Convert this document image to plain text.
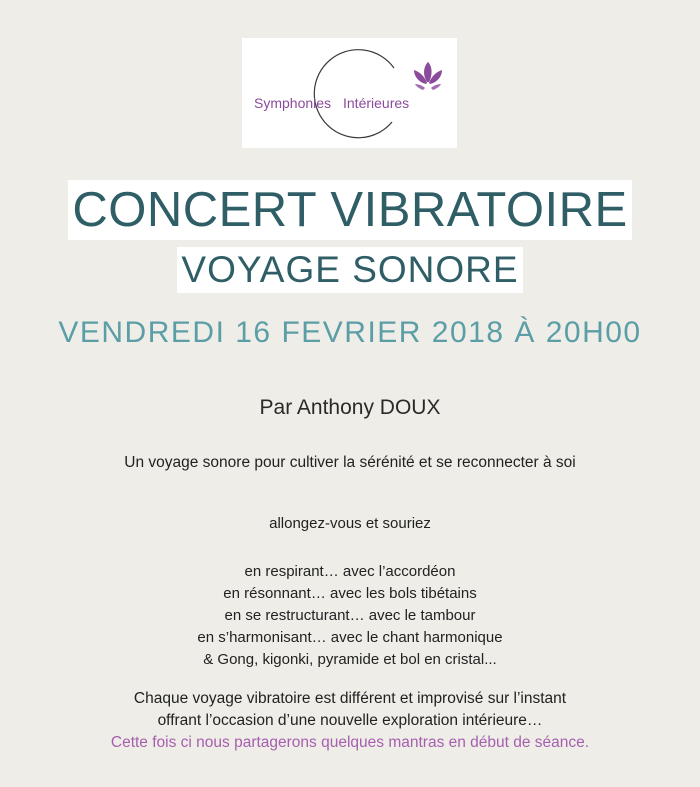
Symphonies Intérieures
CONCERT VIBRATOIRE
VOYAGE SONORE
VENDREDI 16 FEVRIER 2018 À 20H00
Par Anthony DOUX
Un voyage sonore pour cultiver la sérénité et se reconnecter à soi
allongez-vous et souriez
en respirant… avec l’accordéon
en résonnant… avec les bols tibétains
en se restructurant… avec le tambour
en s’harmonisant… avec le chant harmonique
& Gong, kigonki, pyramide et bol en cristal...
Chaque voyage vibratoire est différent et improvisé sur l’instant
offrant l’occasion d’une nouvelle exploration intérieure…
Cette fois ci nous partagerons quelques mantras en début de séance.
